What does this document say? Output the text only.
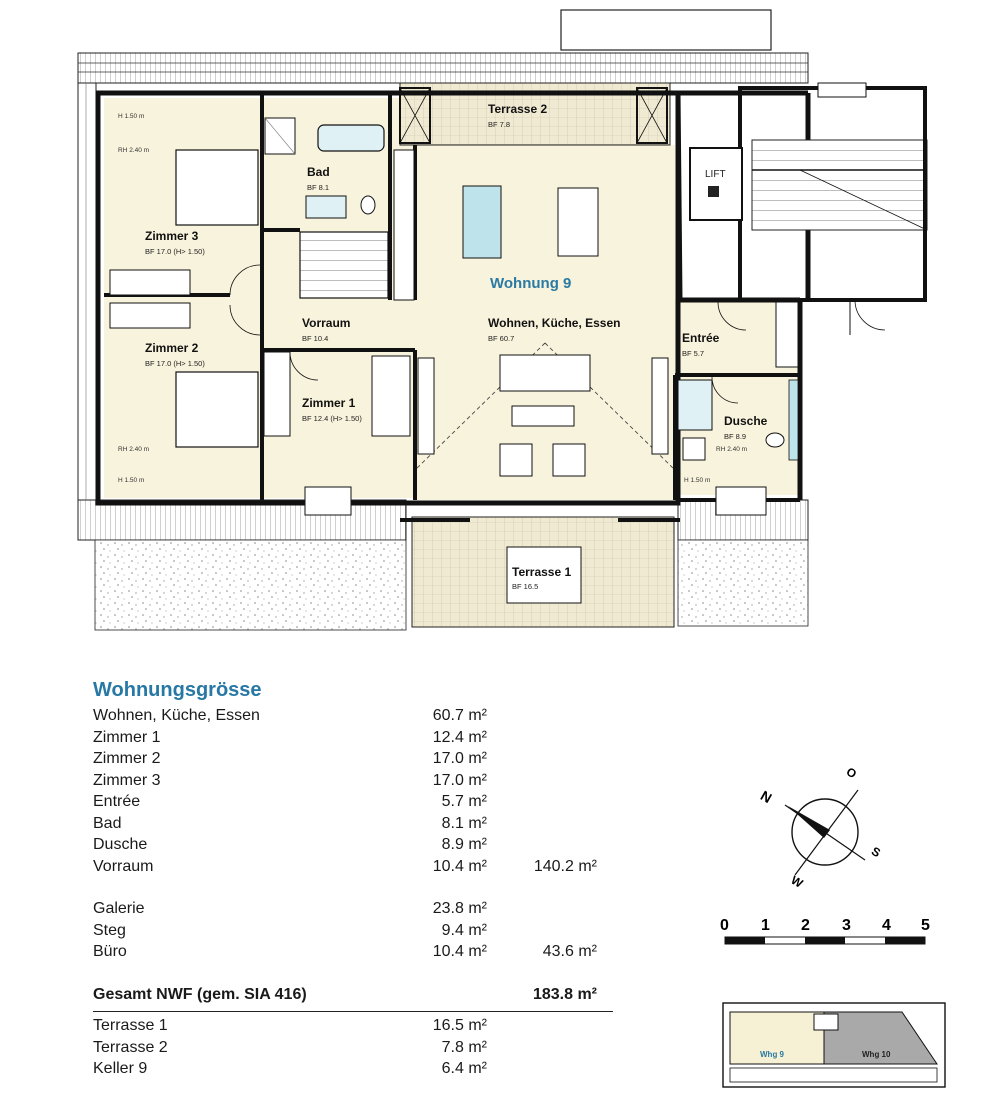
LIFT
Terrasse 2
BF 7.8
Bad
BF 8.1
Zimmer 3
BF 17.0 (H> 1.50)
Zimmer 2
BF 17.0 (H> 1.50)
Vorraum
BF 10.4
Zimmer 1
BF 12.4 (H> 1.50)
Wohnen, Küche, Essen
BF 60.7	Entrée
BF 5.7
Dusche
BF 8.9
Terrasse 1
BF 16.5
Wohnung 9
H 1.50 m
RH 2.40 m
RH 2.40 m
H 1.50 m
RH 2.40 m
H 1.50 m
Wohnungsgrösse
Wohnen, Küche, Essen	60.7 m²
Zimmer 1	12.4 m²
Zimmer 2	17.0 m²
Zimmer 3	17.0 m²
Entrée	5.7 m²
Bad	8.1 m²
Dusche	8.9 m²
Vorraum	10.4 m²	140.2 m²
Galerie	23.8 m²
Steg	9.4 m²
Büro	10.4 m²	43.6 m²
Gesamt NWF (gem. SIA 416)	183.8 m²
Terrasse 1	16.5 m²
Terrasse 2	7.8 m²
Keller 9	6.4 m²
N
O
S
W
0 1 2 3 4 5
Whg 9	Whg 10
